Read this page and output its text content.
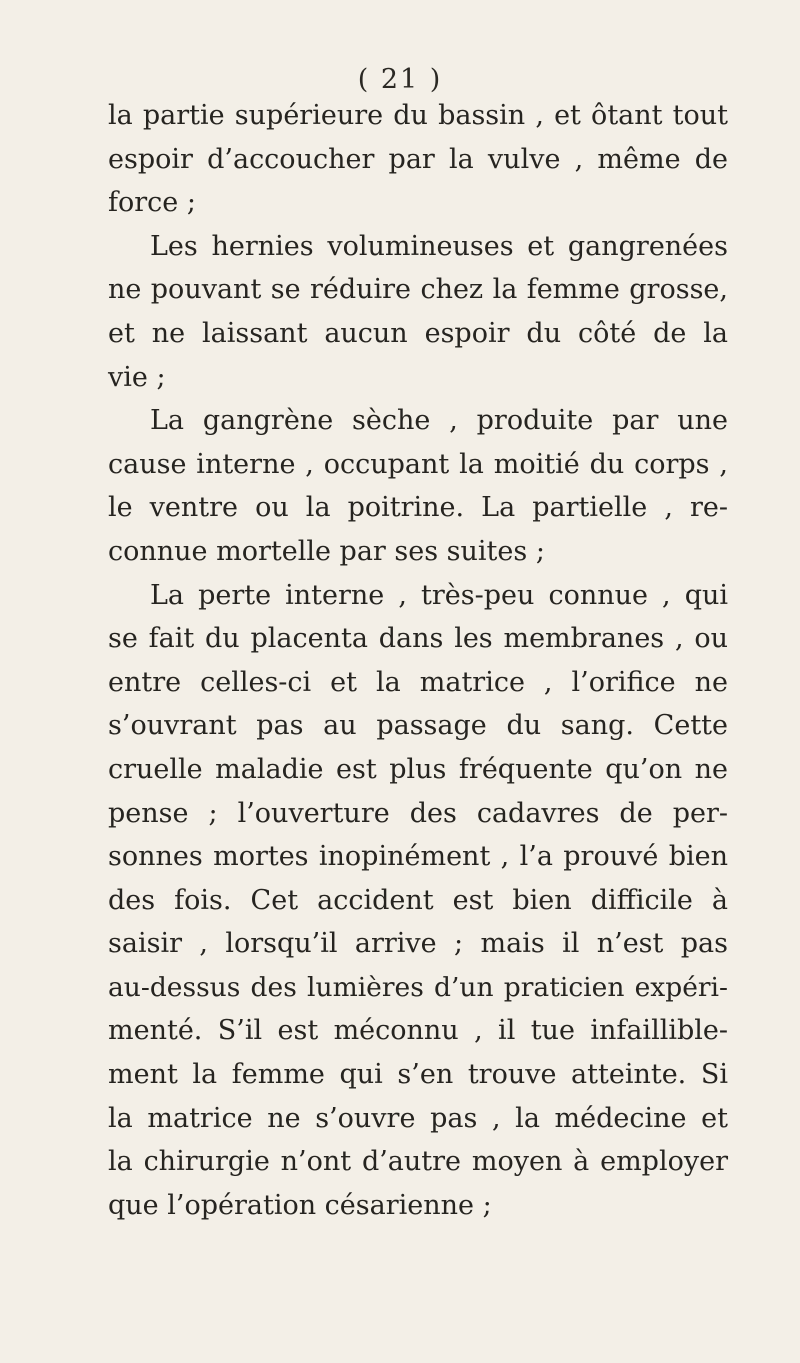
( 21 )
la partie supérieure du bassin , et ôtant tout
espoir d’accoucher par la vulve , même de
force ;
Les hernies volumineuses et gangrenées
ne pouvant se réduire chez la femme grosse,
et ne laissant aucun espoir du côté de la
vie ;
La gangrène sèche , produite par une
cause interne , occupant la moitié du corps ,
le ventre ou la poitrine. La partielle , re-
connue mortelle par ses suites ;
La perte interne , très-peu connue , qui
se fait du placenta dans les membranes , ou
entre celles-ci et la matrice , l’orifice ne
s’ouvrant pas au passage du sang. Cette
cruelle maladie est plus fréquente qu’on ne
pense ; l’ouverture des cadavres de per-
sonnes mortes inopinément , l’a prouvé bien
des fois. Cet accident est bien difficile à
saisir , lorsqu’il arrive ; mais il n’est pas
au-dessus des lumières d’un praticien expéri-
menté. S’il est méconnu , il tue infaillible-
ment la femme qui s’en trouve atteinte. Si
la matrice ne s’ouvre pas , la médecine et
la chirurgie n’ont d’autre moyen à employer
que l’opération césarienne ;
